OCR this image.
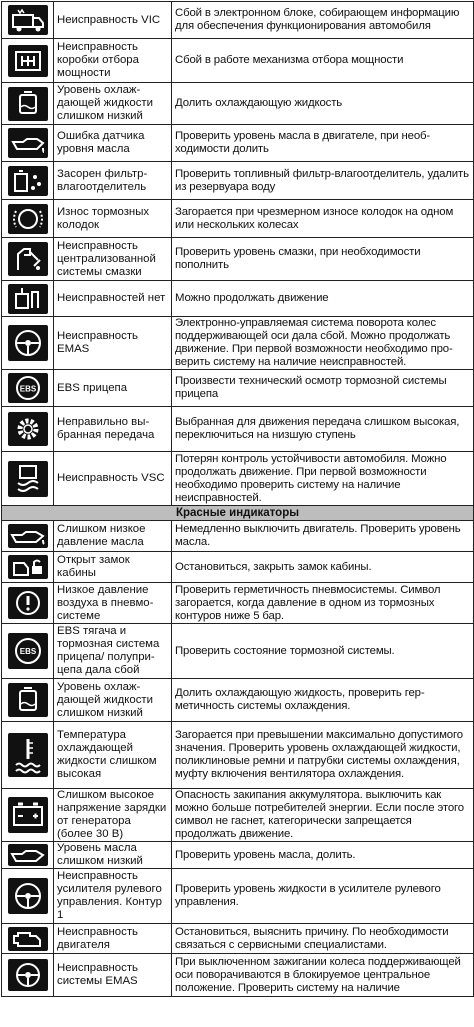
	Неисправность VIC	Сбой в электронном блоке, собирающем информацию для обеспечения функционирования автомобиля

	Неисправность коробки отбора мощности	Сбой в работе механизма отбора мощности

	Уровень охлаждающей жидкости слишком низкий	Долить охлаждающую жидкость

	Ошибка датчика уровня масла	Проверить уровень масла в двигателе, при необходимости долить

	Засорен фильтр-влагоотделитель	Проверить топливный фильтр-влагоотделитель, удалить из резервуара воду

	Износ тормозных колодок	Загорается при чрезмерном износе колодок на одном или нескольких колесах

	Неисправность централизованной системы смазки	Проверить уровень смазки, при необходимости пополнить

	Неисправностей нет	Можно продолжать движение

	Неисправность EMAS	Электронно-управляемая система поворота колес поддерживающей оси дала сбой. Можно продолжать движение. При первой возможности необходимо проверить систему на наличие неисправностей.

EBS	EBS прицепа	Произвести технический осмотр тормозной системы прицепа

	Неправильно выбранная передача	Выбранная для движения передача слишком высокая, переключиться на низшую ступень

	Неисправность VSC	Потерян контроль устойчивости автомобиля. Можно продолжать движение. При первой возможности необходимо проверить систему на наличие неисправностей.
Красные индикаторы		

	Слишком низкое давление масла	Немедленно выключить двигатель. Проверить уровень масла.

	Открыт замок кабины	Остановиться, закрыть замок кабины.

	Низкое давление воздуха в пневмосистеме	Проверить герметичность пневмосистемы. Символ загорается, когда давление в одном из тормозных контуров ниже 5 бар.

EBS	EBS тягача и тормозная система прицепа/ полуприцепа дала сбой	Проверить состояние тормозной системы.

	Уровень охлаждающей жидкости слишком низкий	Долить охлаждающую жидкость, проверить герметичность системы охлаждения.

	Температура охлаждающей жидкости слишком высокая	Загорается при превышении максимально допустимого значения. Проверить уровень охлаждающей жидкости, поликлиновые ремни и патрубки системы охлаждения, муфту включения вентилятора охлаждения.

	Слишком высокое напряжение зарядки от генератора (более 30 В)	Опасность закипания аккумулятора. выключить как можно больше потребителей энергии. Если после этого символ не гаснет, категорически запрещается продолжать движение.

	Уровень масла слишком низкий	Проверить уровень масла, долить.

	Неисправность усилителя рулевого управления. Контур 1	Проверить уровень жидкости в усилителе рулевого управления.

	Неисправность двигателя	Остановиться, выяснить причину. По необходимости связаться с сервисными специалистами.

	Неисправность системы EMAS	При выключенном зажигании колеса поддерживающей оси поворачиваются в блокируемое центральное положение. Проверить систему на наличие
